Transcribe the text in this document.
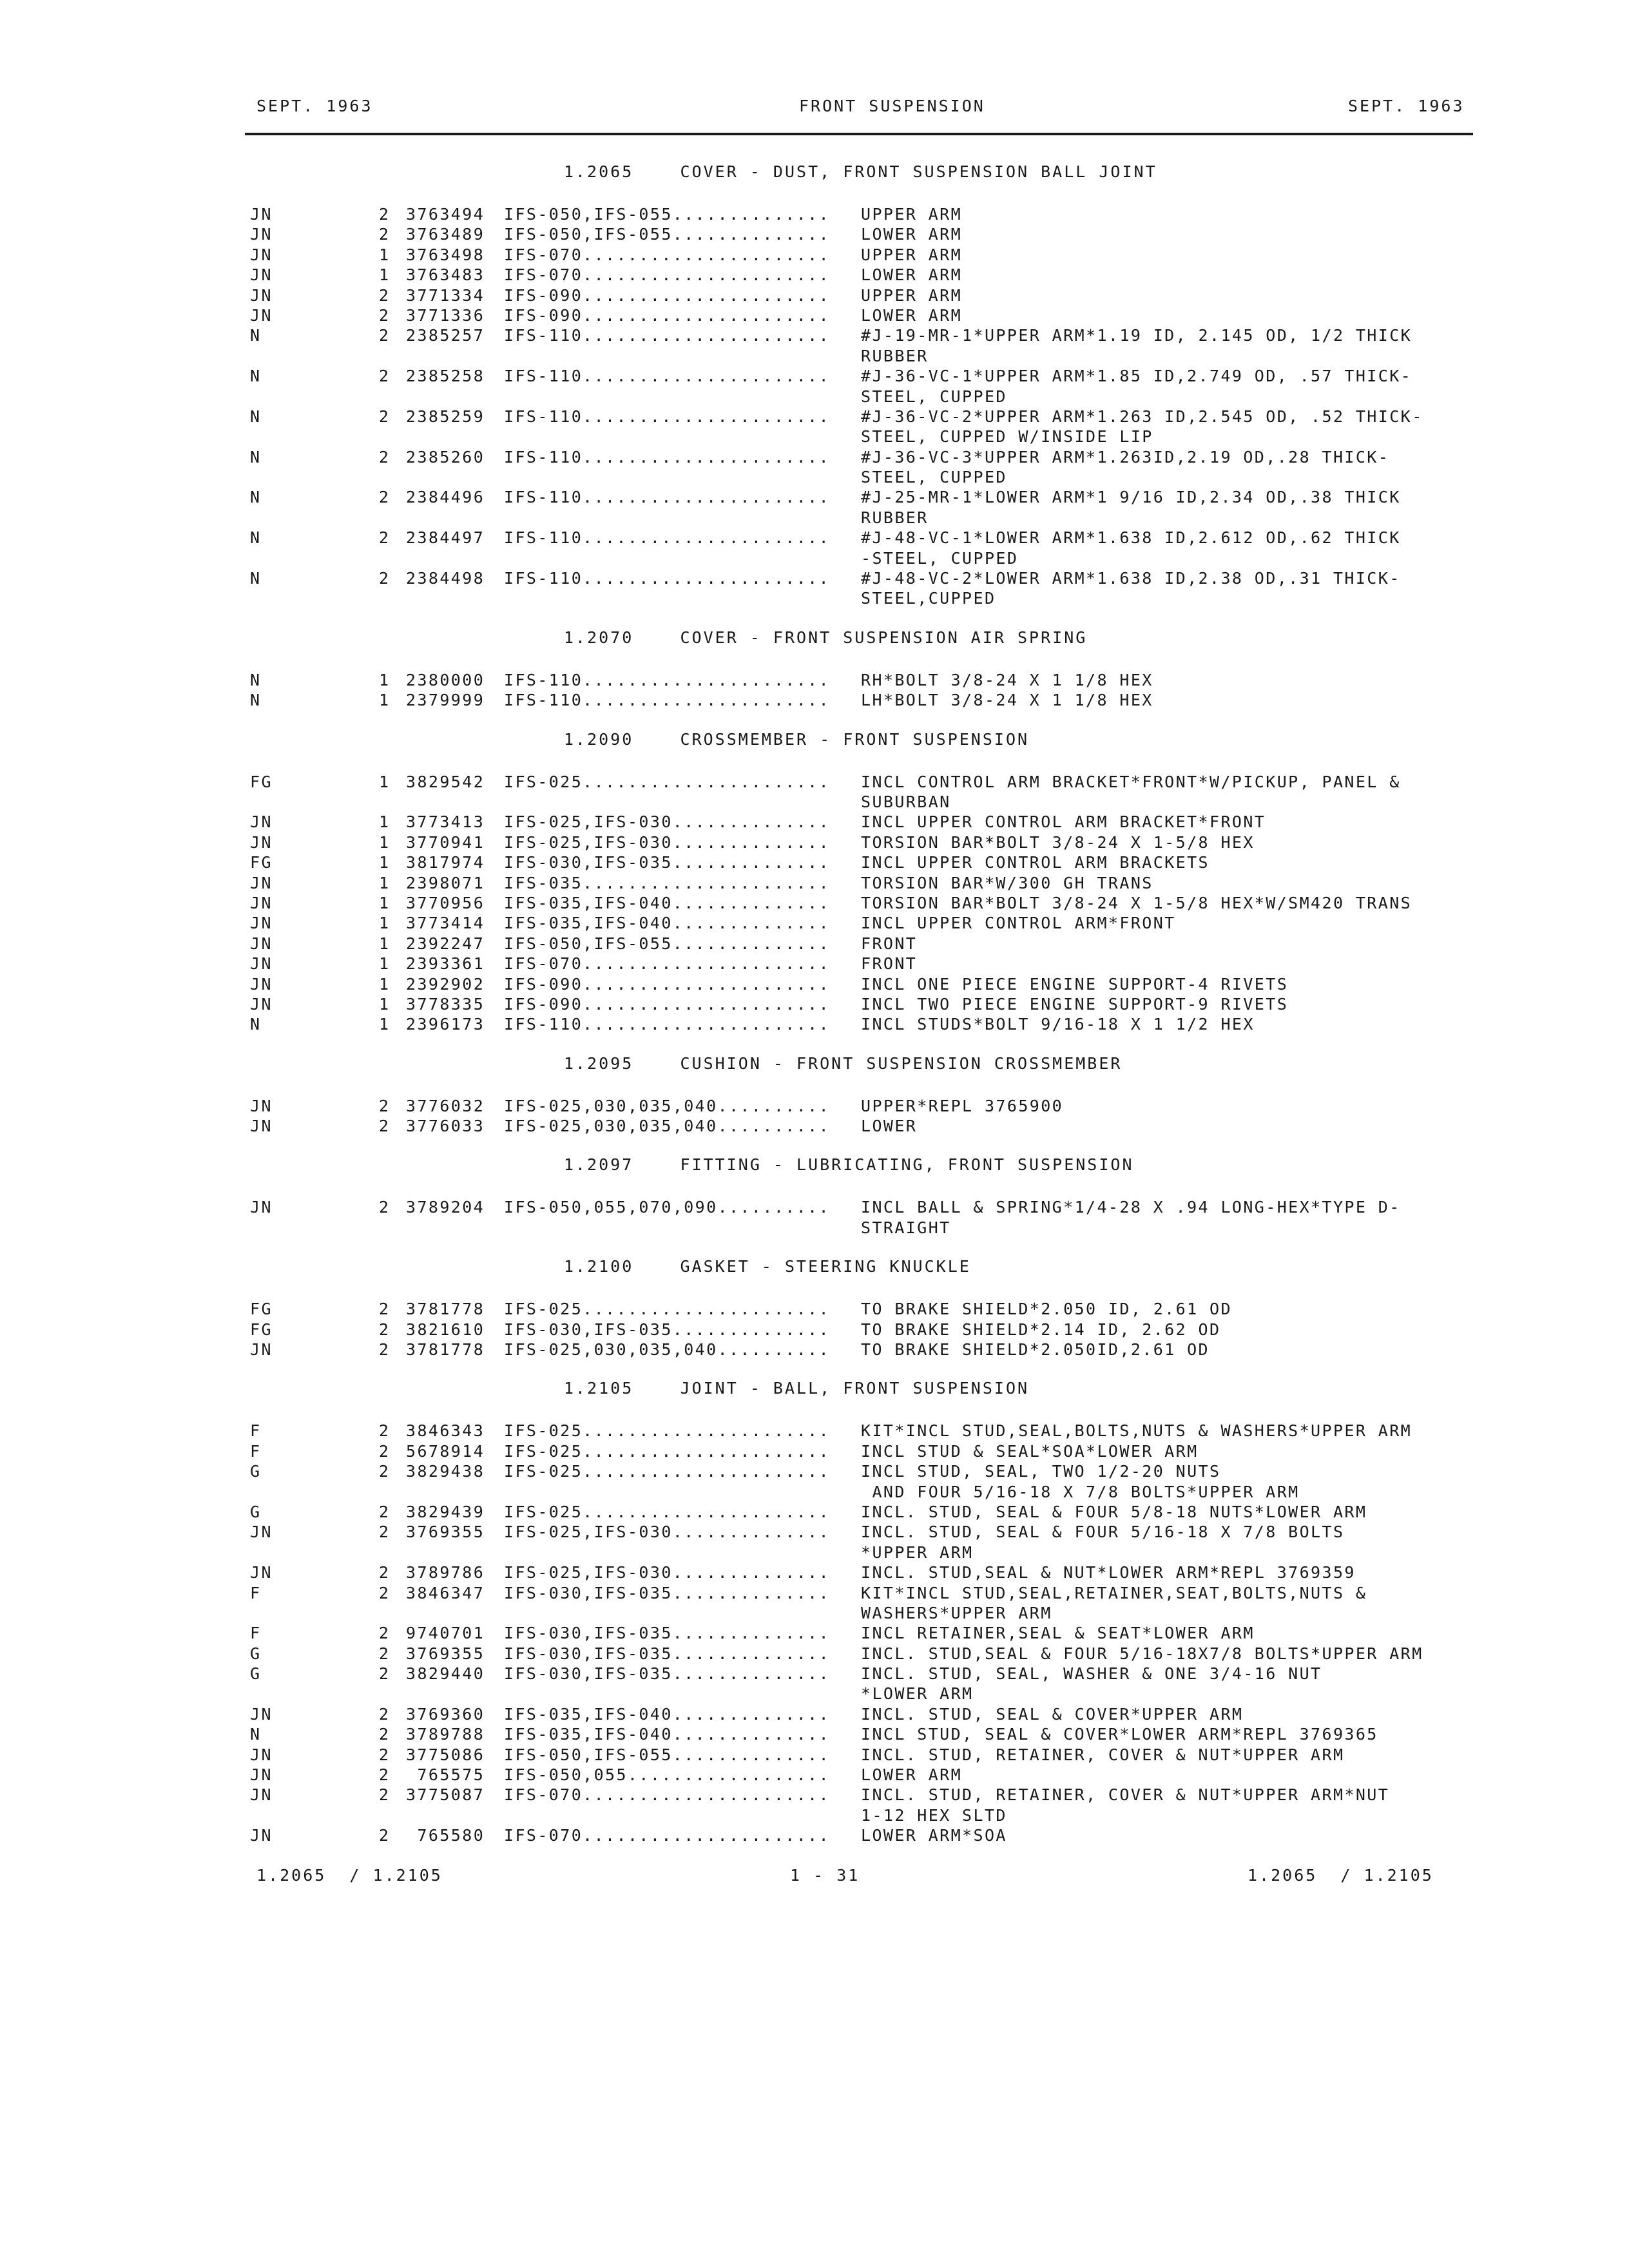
SEPT. 1963	FRONT SUSPENSION	SEPT. 1963
1.2065    COVER - DUST, FRONT SUSPENSION BALL JOINT
JN	2 3763494 IFS-050,IFS-055.............. UPPER ARM
JN	2 3763489 IFS-050,IFS-055.............. LOWER ARM
JN	1 3763498 IFS-070...................... UPPER ARM
JN	1 3763483 IFS-070...................... LOWER ARM
JN	2 3771334 IFS-090...................... UPPER ARM
JN	2 3771336 IFS-090...................... LOWER ARM
N	2 2385257 IFS-110...................... #J-19-MR-1*UPPER ARM*1.19 ID, 2.145 OD, 1/2 THICK
RUBBER
N	2 2385258 IFS-110...................... #J-36-VC-1*UPPER ARM*1.85 ID,2.749 OD, .57 THICK-
STEEL, CUPPED
N	2 2385259 IFS-110...................... #J-36-VC-2*UPPER ARM*1.263 ID,2.545 OD, .52 THICK-
STEEL, CUPPED W/INSIDE LIP
N	2 2385260 IFS-110...................... #J-36-VC-3*UPPER ARM*1.263ID,2.19 OD,.28 THICK-
STEEL, CUPPED
N	2 2384496 IFS-110...................... #J-25-MR-1*LOWER ARM*1 9/16 ID,2.34 OD,.38 THICK
RUBBER
N	2 2384497 IFS-110...................... #J-48-VC-1*LOWER ARM*1.638 ID,2.612 OD,.62 THICK
-STEEL, CUPPED
N	2 2384498 IFS-110...................... #J-48-VC-2*LOWER ARM*1.638 ID,2.38 OD,.31 THICK-
STEEL,CUPPED
1.2070    COVER - FRONT SUSPENSION AIR SPRING
N	1 2380000 IFS-110...................... RH*BOLT 3/8-24 X 1 1/8 HEX
N	1 2379999 IFS-110...................... LH*BOLT 3/8-24 X 1 1/8 HEX
1.2090    CROSSMEMBER - FRONT SUSPENSION
FG	1 3829542 IFS-025...................... INCL CONTROL ARM BRACKET*FRONT*W/PICKUP, PANEL &
SUBURBAN
JN	1 3773413 IFS-025,IFS-030.............. INCL UPPER CONTROL ARM BRACKET*FRONT
JN	1 3770941 IFS-025,IFS-030.............. TORSION BAR*BOLT 3/8-24 X 1-5/8 HEX
FG	1 3817974 IFS-030,IFS-035.............. INCL UPPER CONTROL ARM BRACKETS
JN	1 2398071 IFS-035...................... TORSION BAR*W/300 GH TRANS
JN	1 3770956 IFS-035,IFS-040.............. TORSION BAR*BOLT 3/8-24 X 1-5/8 HEX*W/SM420 TRANS
JN	1 3773414 IFS-035,IFS-040.............. INCL UPPER CONTROL ARM*FRONT
JN	1 2392247 IFS-050,IFS-055.............. FRONT
JN	1 2393361 IFS-070...................... FRONT
JN	1 2392902 IFS-090...................... INCL ONE PIECE ENGINE SUPPORT-4 RIVETS
JN	1 3778335 IFS-090...................... INCL TWO PIECE ENGINE SUPPORT-9 RIVETS
N	1 2396173 IFS-110...................... INCL STUDS*BOLT 9/16-18 X 1 1/2 HEX
1.2095    CUSHION - FRONT SUSPENSION CROSSMEMBER
JN	2 3776032 IFS-025,030,035,040.......... UPPER*REPL 3765900
JN	2 3776033 IFS-025,030,035,040.......... LOWER
1.2097    FITTING - LUBRICATING, FRONT SUSPENSION
JN	2 3789204 IFS-050,055,070,090.......... INCL BALL & SPRING*1/4-28 X .94 LONG-HEX*TYPE D-
STRAIGHT
1.2100    GASKET - STEERING KNUCKLE
FG	2 3781778 IFS-025...................... TO BRAKE SHIELD*2.050 ID, 2.61 OD
FG	2 3821610 IFS-030,IFS-035.............. TO BRAKE SHIELD*2.14 ID, 2.62 OD
JN	2 3781778 IFS-025,030,035,040.......... TO BRAKE SHIELD*2.050ID,2.61 OD
1.2105    JOINT - BALL, FRONT SUSPENSION
F	2 3846343 IFS-025...................... KIT*INCL STUD,SEAL,BOLTS,NUTS & WASHERS*UPPER ARM
F	2 5678914 IFS-025...................... INCL STUD & SEAL*SOA*LOWER ARM
G	2 3829438 IFS-025...................... INCL STUD, SEAL, TWO 1/2-20 NUTS
AND FOUR 5/16-18 X 7/8 BOLTS*UPPER ARM
G	2 3829439 IFS-025...................... INCL. STUD, SEAL & FOUR 5/8-18 NUTS*LOWER ARM
JN	2 3769355 IFS-025,IFS-030.............. INCL. STUD, SEAL & FOUR 5/16-18 X 7/8 BOLTS
*UPPER ARM
JN	2 3789786 IFS-025,IFS-030.............. INCL. STUD,SEAL & NUT*LOWER ARM*REPL 3769359
F	2 3846347 IFS-030,IFS-035.............. KIT*INCL STUD,SEAL,RETAINER,SEAT,BOLTS,NUTS &
WASHERS*UPPER ARM
F	2 9740701 IFS-030,IFS-035.............. INCL RETAINER,SEAL & SEAT*LOWER ARM
G	2 3769355 IFS-030,IFS-035.............. INCL. STUD,SEAL & FOUR 5/16-18X7/8 BOLTS*UPPER ARM
G	2 3829440 IFS-030,IFS-035.............. INCL. STUD, SEAL, WASHER & ONE 3/4-16 NUT
*LOWER ARM
JN	2 3769360 IFS-035,IFS-040.............. INCL. STUD, SEAL & COVER*UPPER ARM
N	2 3789788 IFS-035,IFS-040.............. INCL STUD, SEAL & COVER*LOWER ARM*REPL 3769365
JN	2 3775086 IFS-050,IFS-055.............. INCL. STUD, RETAINER, COVER & NUT*UPPER ARM
JN	2 765575 IFS-050,055.................. LOWER ARM
JN	2 3775087 IFS-070...................... INCL. STUD, RETAINER, COVER & NUT*UPPER ARM*NUT
1-12 HEX SLTD
JN	2 765580 IFS-070...................... LOWER ARM*SOA
1.2065  / 1.2105	1 - 31	1.2065  / 1.2105
